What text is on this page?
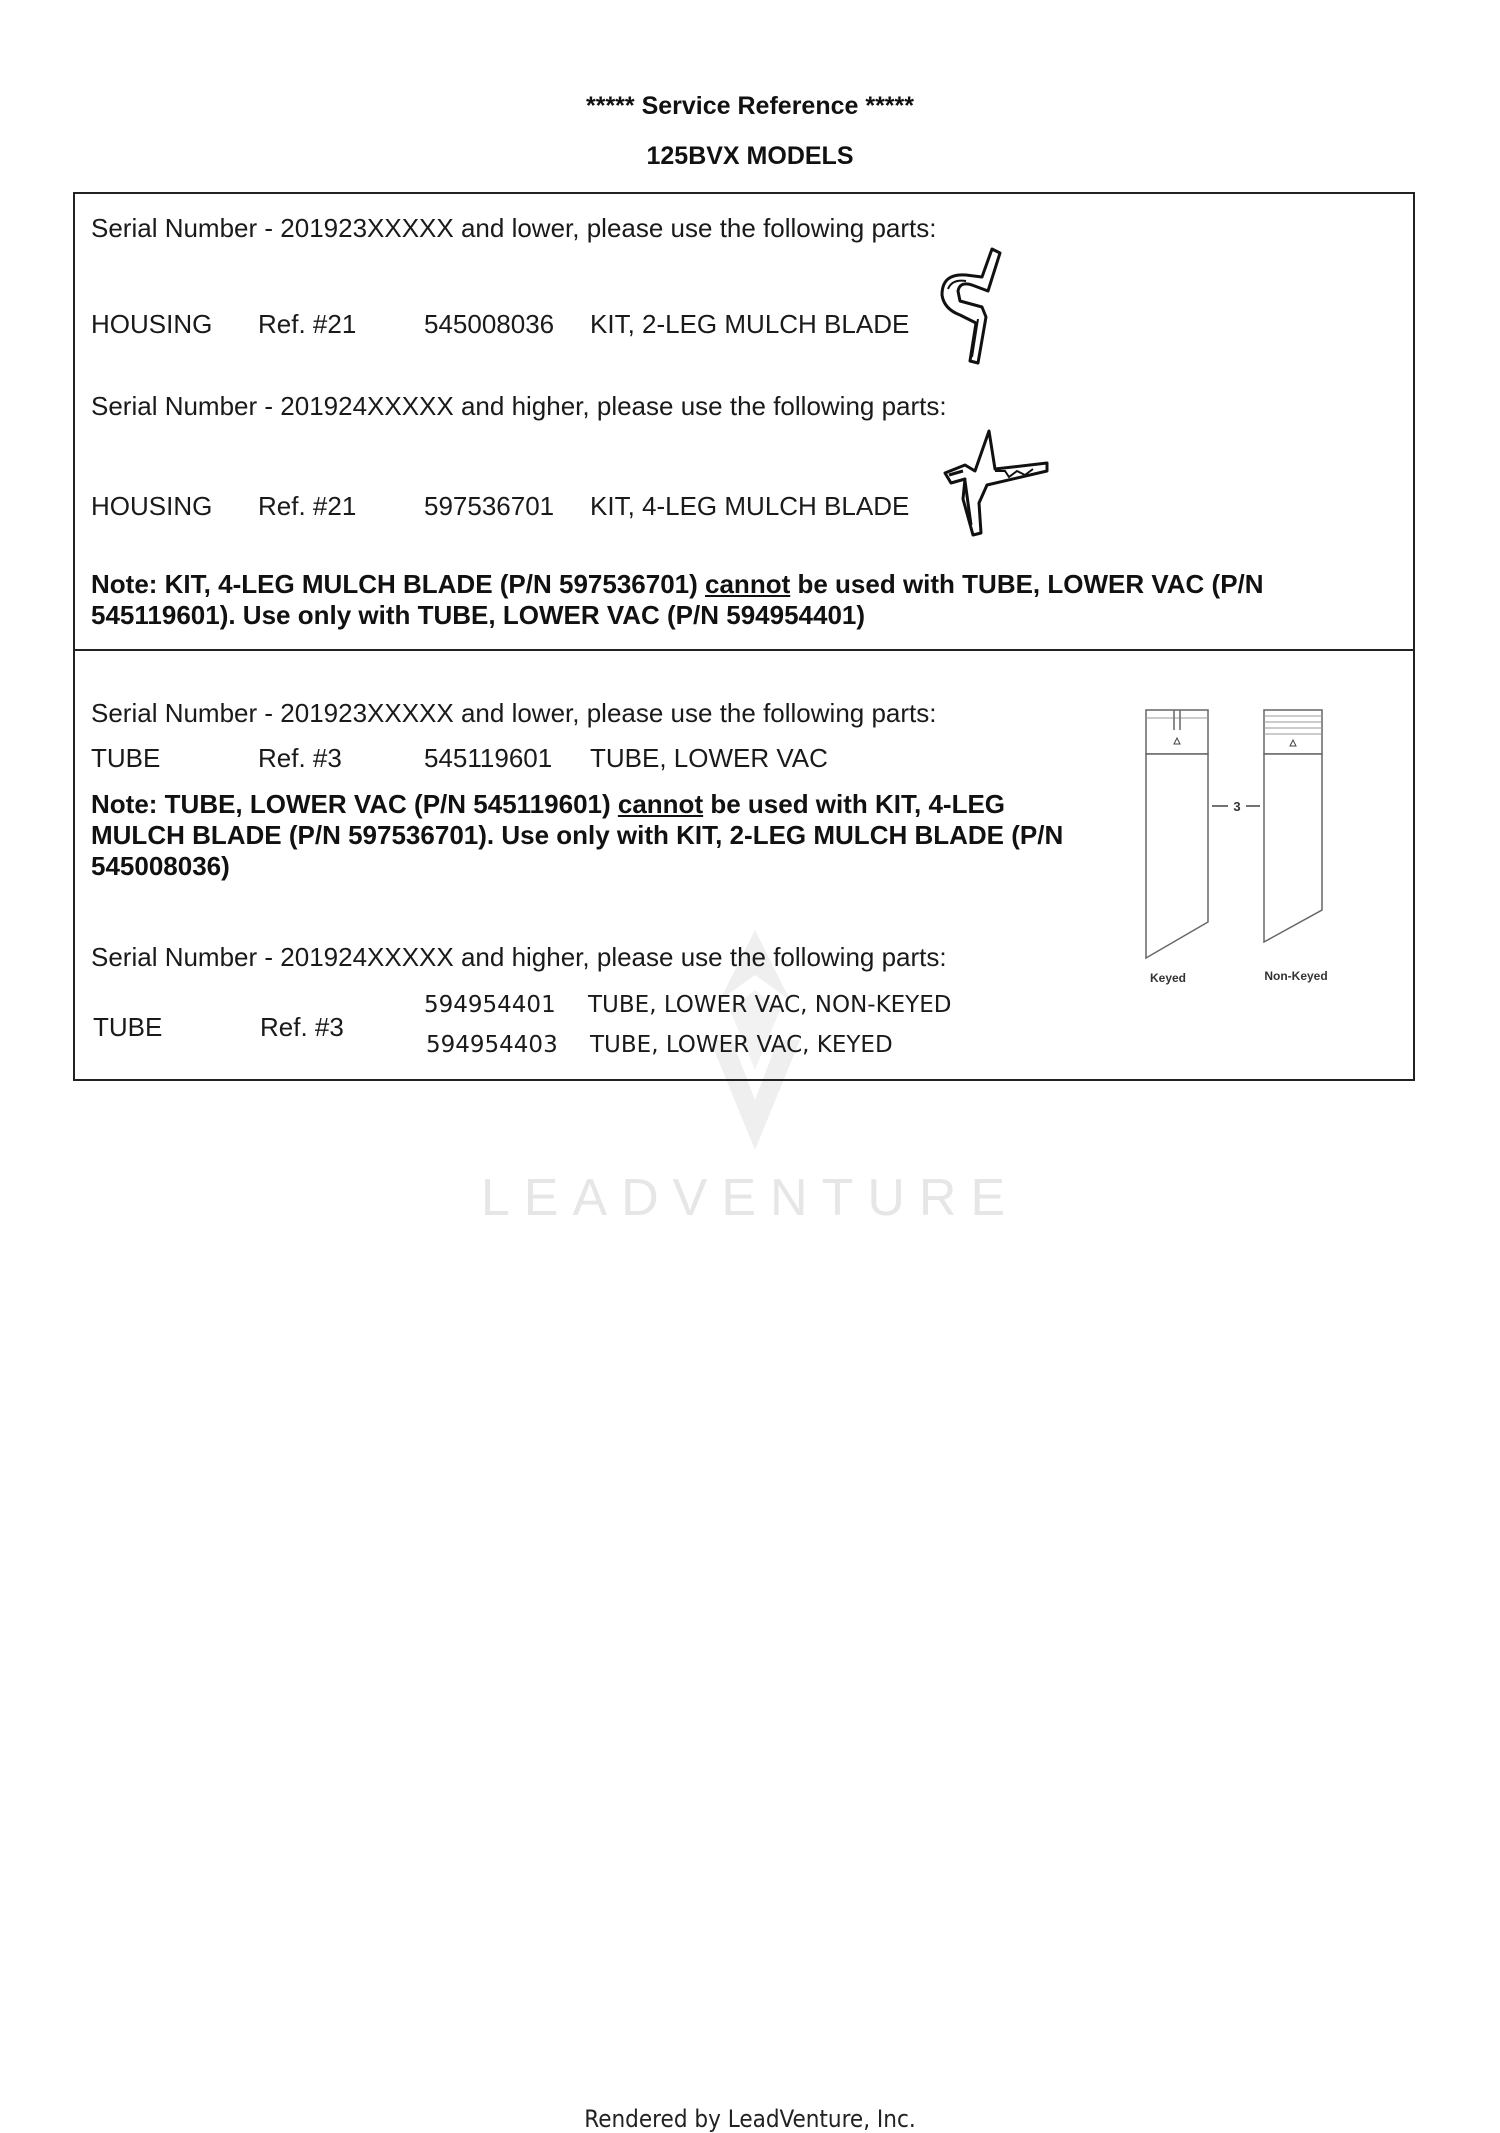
***** Service Reference *****
125BVX MODELS
LEADVENTURE
Serial Number - 201923XXXXX and lower, please use the following parts:
HOUSING Ref. #21	545008036 KIT, 2-LEG MULCH BLADE
Serial Number - 201924XXXXX and higher, please use the following parts:
HOUSING Ref. #21	597536701 KIT, 4-LEG MULCH BLADE
Note: KIT, 4-LEG MULCH BLADE (P/N 597536701) cannot be used with TUBE, LOWER VAC (P/N 545119601). Use only with TUBE, LOWER VAC (P/N 594954401)
Serial Number - 201923XXXXX and lower, please use the following parts:
TUBE	Ref. #3	545119601 TUBE, LOWER VAC
Note: TUBE, LOWER VAC (P/N 545119601) cannot be used with KIT, 4-LEG MULCH BLADE (P/N 597536701). Use only with KIT, 2-LEG MULCH BLADE (P/N 545008036)
Serial Number - 201924XXXXX and higher, please use the following parts:
TUBE	Ref. #3
594954401 TUBE, LOWER VAC, NON-KEYED
594954403 TUBE, LOWER VAC, KEYED
3
Keyed	Non-Keyed
Rendered by LeadVenture, Inc.
